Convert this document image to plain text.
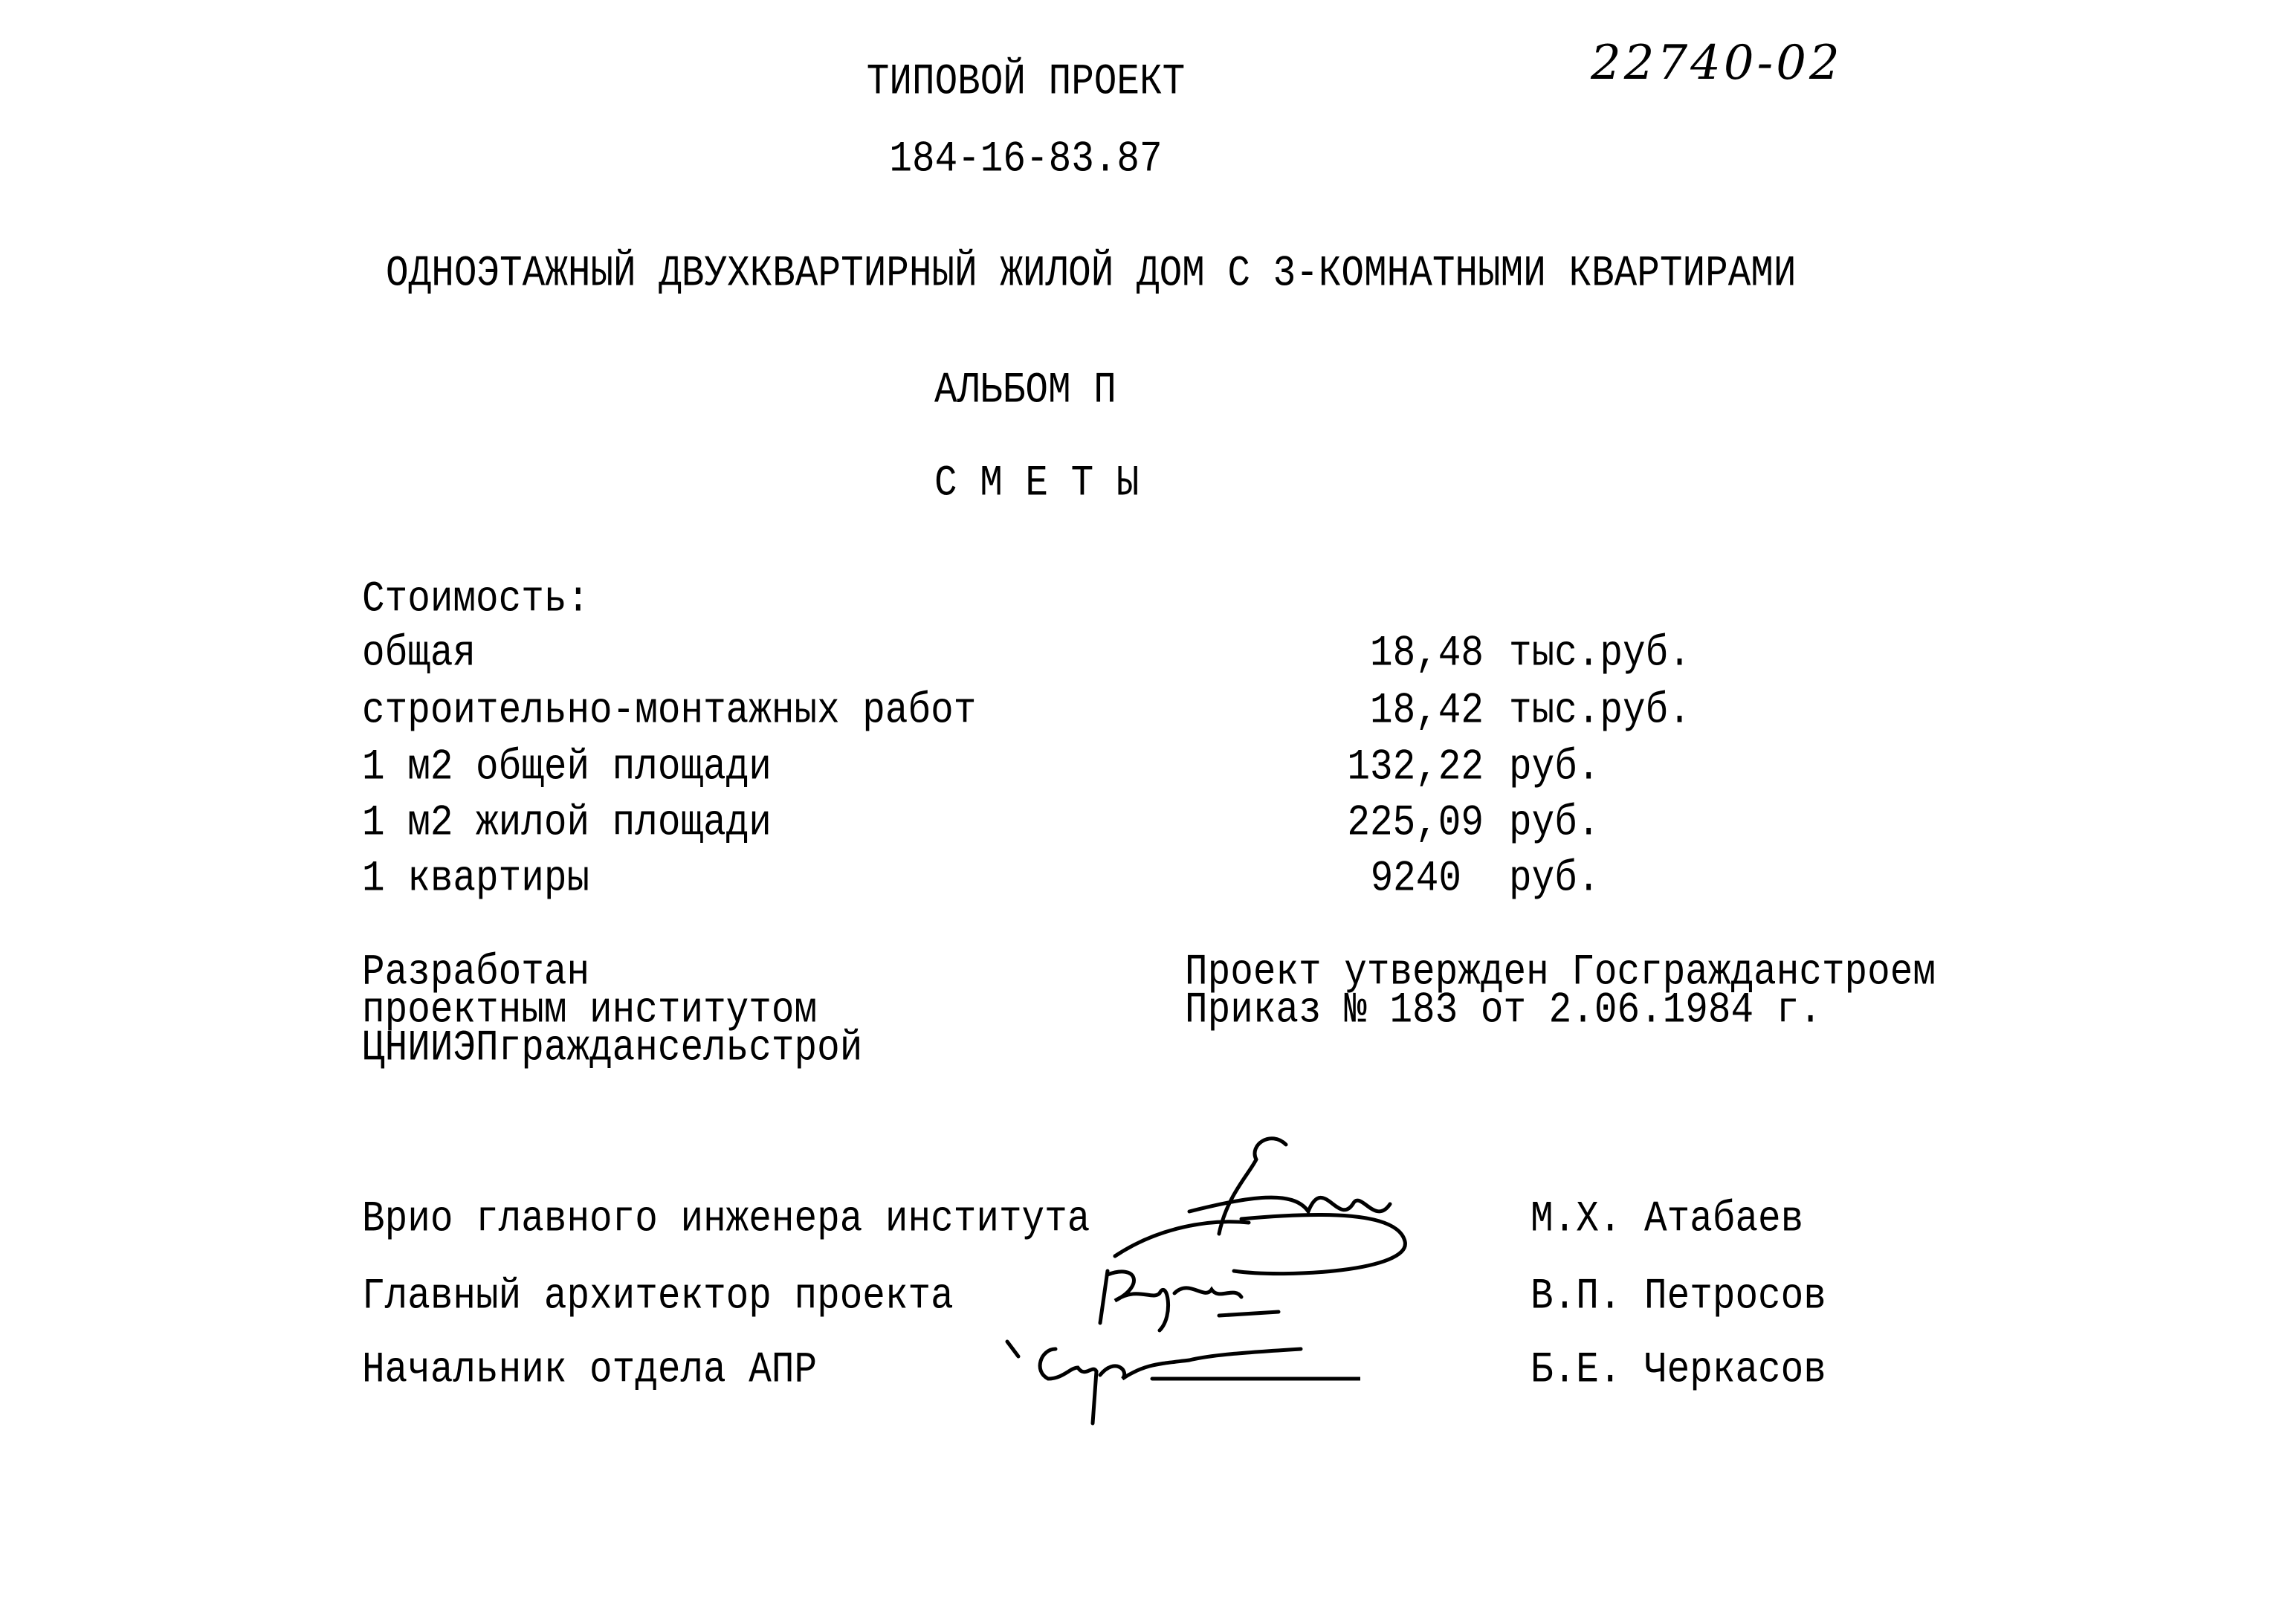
22740-02
ТИПОВОЙ ПРОЕКТ
184-16-83.87
ОДНОЭТАЖНЫЙ ДВУХКВАРТИРНЫЙ ЖИЛОЙ ДОМ С 3-КОМНАТНЫМИ КВАРТИРАМИ
АЛЬБОМ П
С М Е Т Ы
Стоимость:
общая	18,48 тыс.руб.
строительно-монтажных работ	18,42 тыс.руб.
1 м2 общей площади	132,22 руб.
1 м2 жилой площади	225,09 руб.
1 квартиры	9240 руб.
Разработан
проектным институтом
ЦНИИЭПграждансельстрой
Проект утвержден Госгражданстроем
Приказ № 183 от 2.06.1984 г.
Врио главного инженера института	М.Х. Атабаев
Главный архитектор проекта	В.П. Петросов
Начальник отдела АПР	Б.Е. Черкасов
